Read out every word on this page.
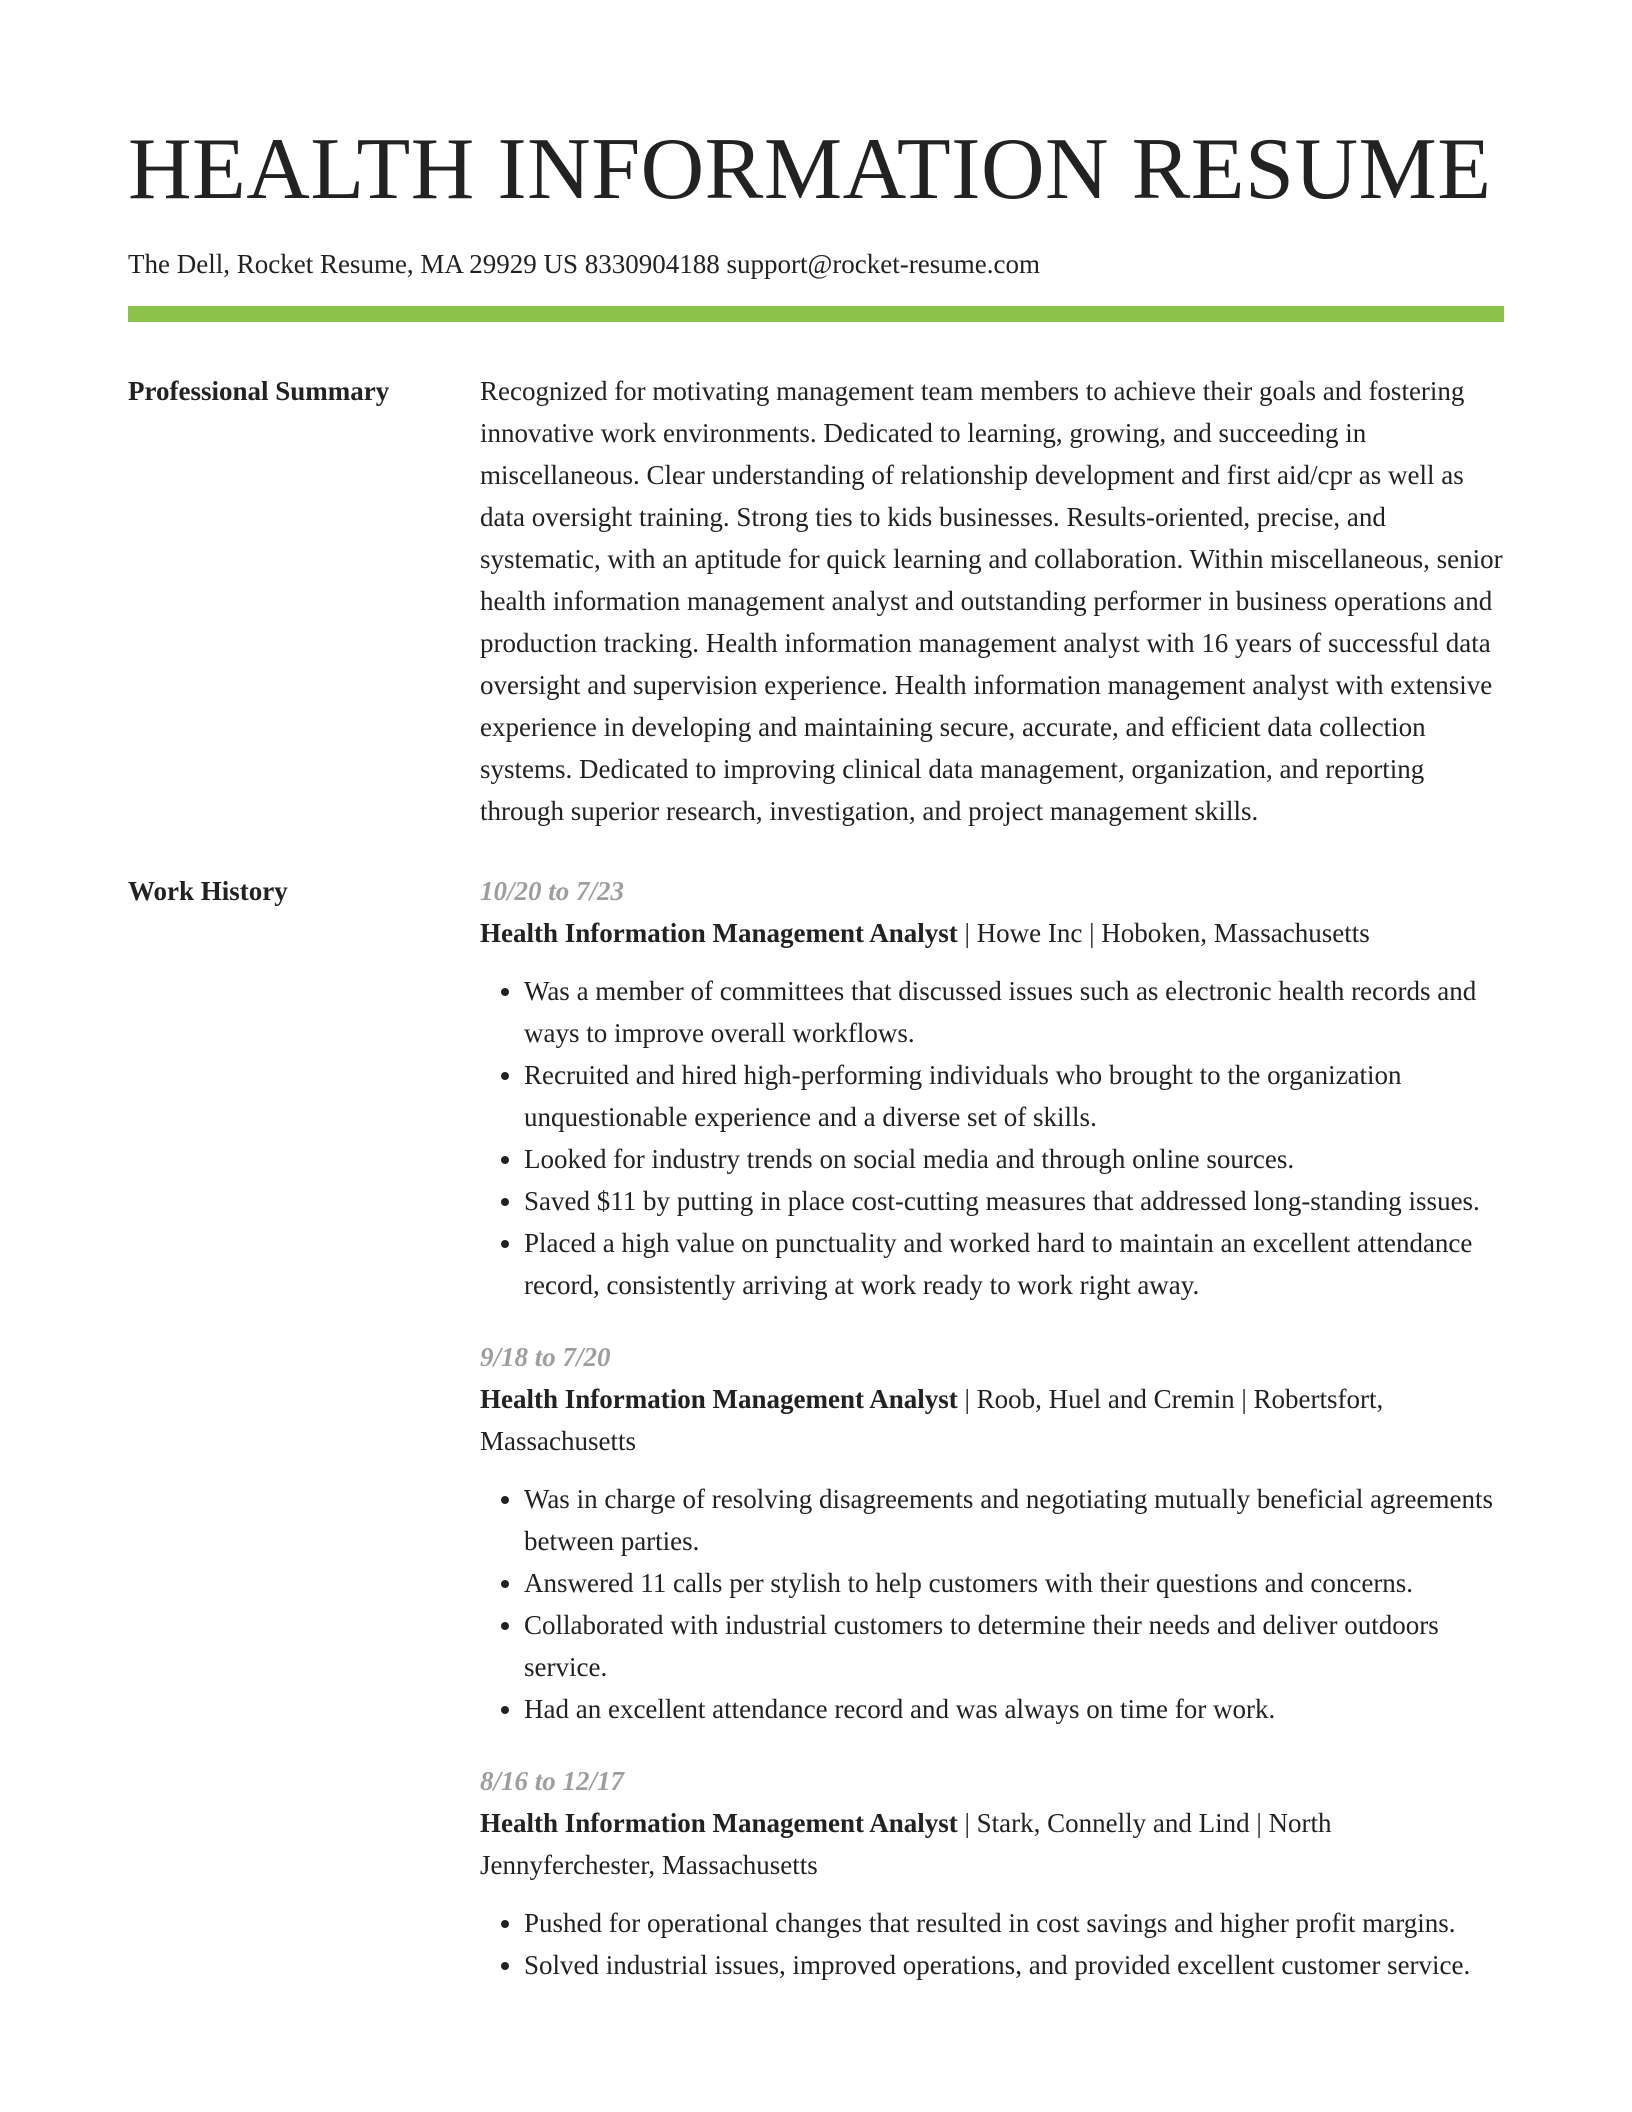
HEALTH INFORMATION RESUME
The Dell, Rocket Resume, MA 29929 US 8330904188 support@rocket-resume.com
Professional Summary	Recognized for motivating management team members to achieve their goals and fostering innovative work environments. Dedicated to learning, growing, and succeeding in miscellaneous. Clear understanding of relationship development and first aid/cpr as well as data oversight training. Strong ties to kids businesses. Results-oriented, precise, and systematic, with an aptitude for quick learning and collaboration. Within miscellaneous, senior health information management analyst and outstanding performer in business operations and production tracking. Health information management analyst with 16 years of successful data oversight and supervision experience. Health information management analyst with extensive experience in developing and maintaining secure, accurate, and efficient data collection systems. Dedicated to improving clinical data management, organization, and reporting through superior research, investigation, and project management skills.

Work History	10/20 to 7/23
Health Information Management Analyst | Howe Inc | Hoboken, Massachusetts
• Was a member of committees that discussed issues such as electronic health records and ways to improve overall workflows.
• Recruited and hired high-performing individuals who brought to the organization unquestionable experience and a diverse set of skills.
• Looked for industry trends on social media and through online sources.
• Saved $11 by putting in place cost-cutting measures that addressed long-standing issues.
• Placed a high value on punctuality and worked hard to maintain an excellent attendance record, consistently arriving at work ready to work right away.
9/18 to 7/20
Health Information Management Analyst | Roob, Huel and Cremin | Robertsfort, Massachusetts
• Was in charge of resolving disagreements and negotiating mutually beneficial agreements between parties.
• Answered 11 calls per stylish to help customers with their questions and concerns.
• Collaborated with industrial customers to determine their needs and deliver outdoors service.
• Had an excellent attendance record and was always on time for work.
8/16 to 12/17
Health Information Management Analyst | Stark, Connelly and Lind | North Jennyferchester, Massachusetts
• Pushed for operational changes that resulted in cost savings and higher profit margins.
• Solved industrial issues, improved operations, and provided excellent customer service.
